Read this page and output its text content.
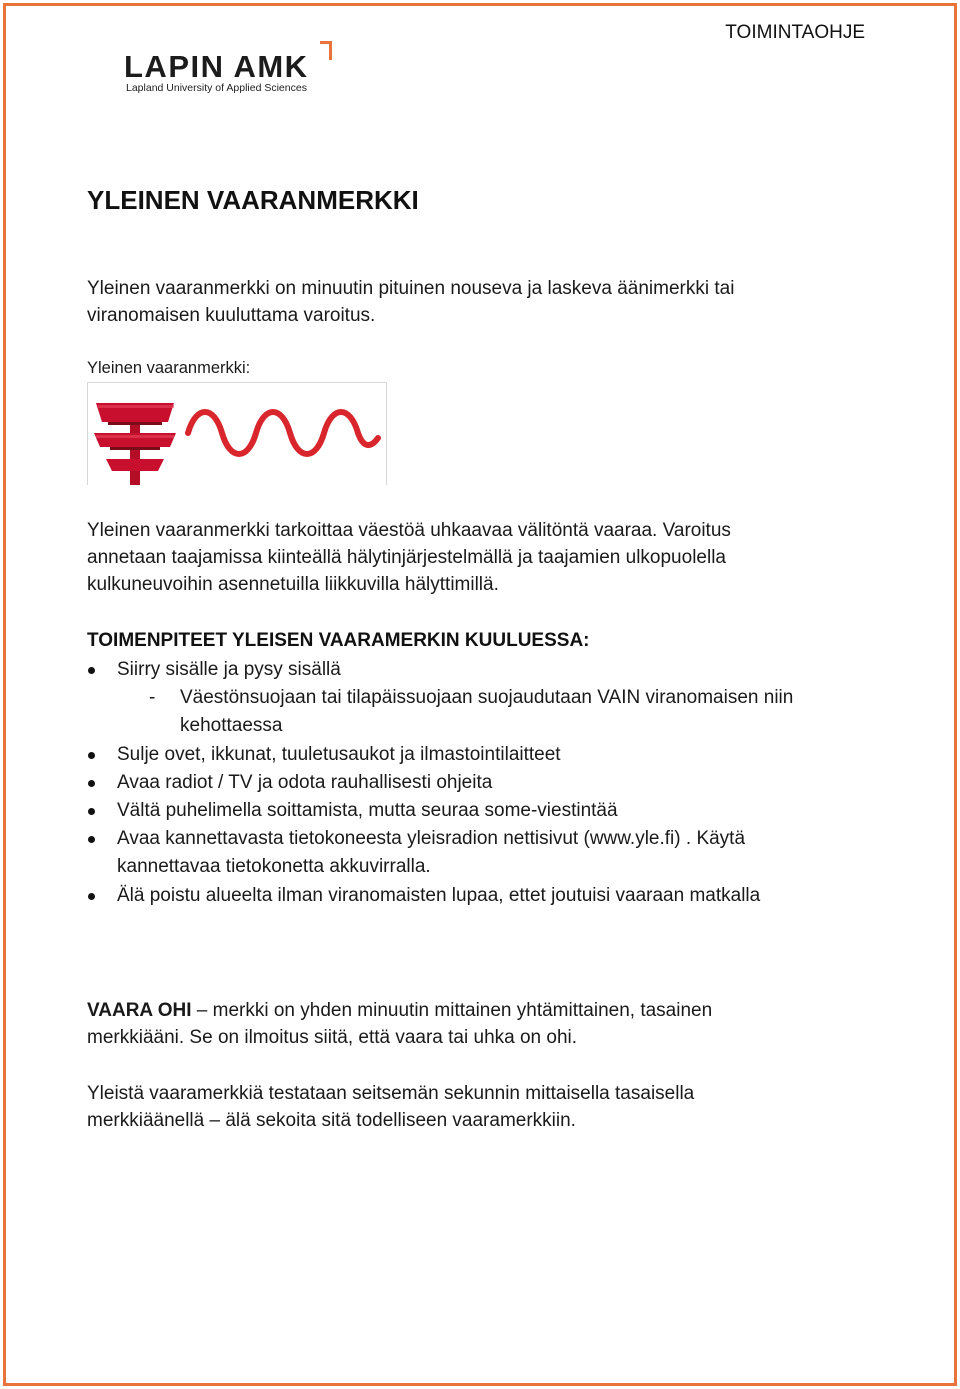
TOIMINTAOHJE
LAPIN AMK
Lapland University of Applied Sciences
YLEINEN VAARANMERKKI

Yleinen vaaranmerkki on minuutin pituinen nouseva ja laskeva äänimerkki tai
viranomaisen kuuluttama varoitus.

Yleinen vaaranmerkki:

Yleinen vaaranmerkki tarkoittaa väestöä uhkaavaa välitöntä vaaraa. Varoitus
annetaan taajamissa kiinteällä hälytinjärjestelmällä ja taajamien ulkopuolella
kulkuneuvoihin asennetuilla liikkuvilla hälyttimillä.

TOIMENPITEET YLEISEN VAARAMERKIN KUULUESSA:
Siirry sisälle ja pysy sisällä
- Väestönsuojaan tai tilapäissuojaan suojaudutaan VAIN viranomaisen niin
kehottaessa
Sulje ovet, ikkunat, tuuletusaukot ja ilmastointilaitteet
Avaa radiot / TV ja odota rauhallisesti ohjeita
Vältä puhelimella soittamista, mutta seuraa some-viestintää
Avaa kannettavasta tietokoneesta yleisradion nettisivut (www.yle.fi) . Käytä
kannettavaa tietokonetta akkuvirralla.
Älä poistu alueelta ilman viranomaisten lupaa, ettet joutuisi vaaraan matkalla

VAARA OHI – merkki on yhden minuutin mittainen yhtämittainen, tasainen
merkkiääni. Se on ilmoitus siitä, että vaara tai uhka on ohi.

Yleistä vaaramerkkiä testataan seitsemän sekunnin mittaisella tasaisella
merkkiäänellä – älä sekoita sitä todelliseen vaaramerkkiin.
